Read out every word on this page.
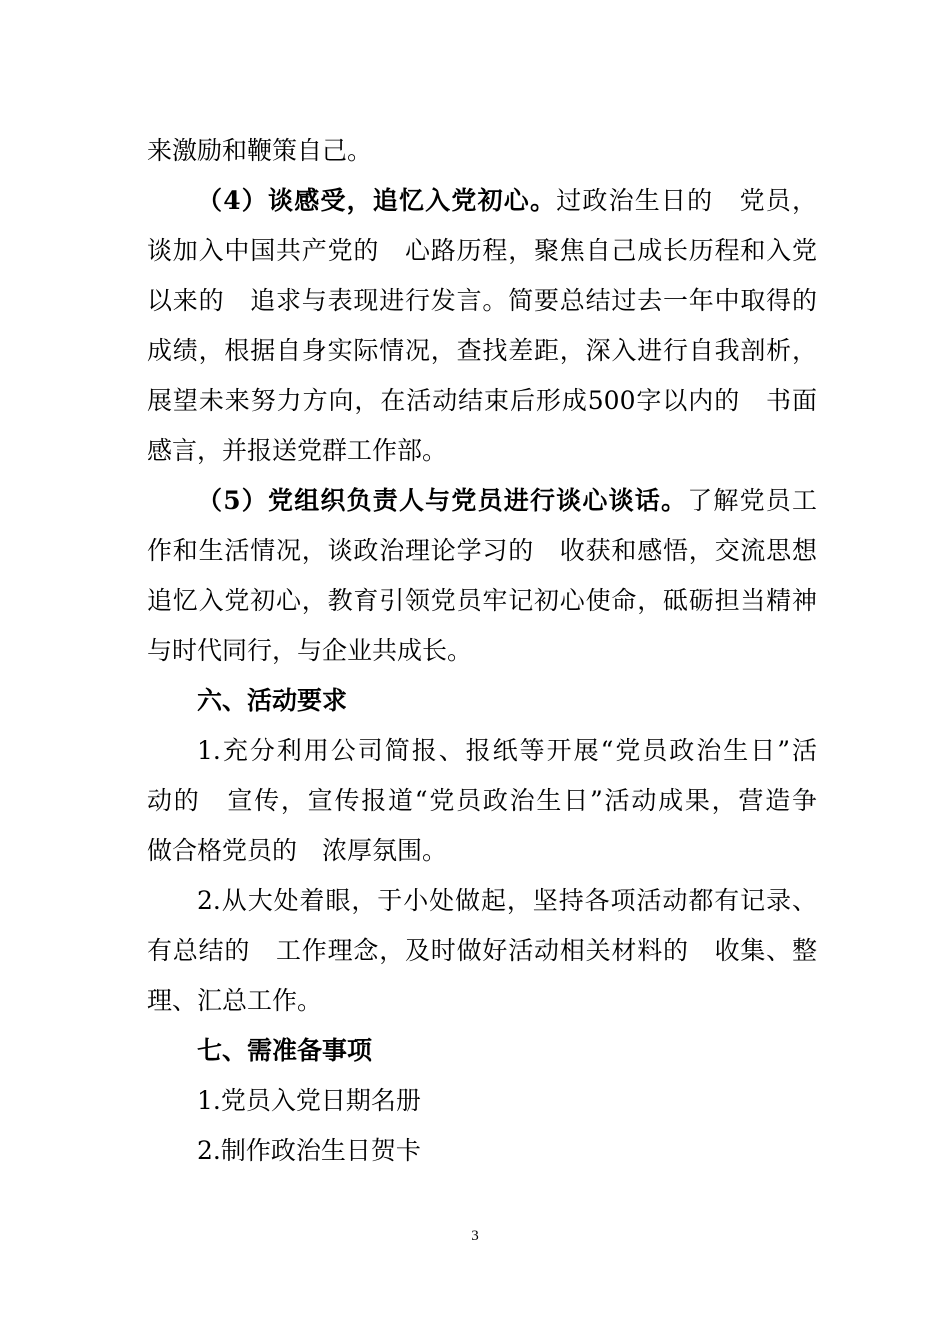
来激励和鞭策自己。
（4）谈感受，追忆入党初心。过政治生日的　党员，
谈加入中国共产党的　心路历程，聚焦自己成长历程和入党
以来的　追求与表现进行发言。简要总结过去一年中取得的
成绩，根据自身实际情况，查找差距，深入进行自我剖析，
展望未来努力方向，在活动结束后形成500字以内的　书面
感言，并报送党群工作部。
（5）党组织负责人与党员进行谈心谈话。了解党员工
作和生活情况，谈政治理论学习的　收获和感悟，交流思想
追忆入党初心，教育引领党员牢记初心使命，砥砺担当精神
与时代同行，与企业共成长。
六、活动要求
1.充分利用公司简报、报纸等开展“党员政治生日”活
动的　宣传，宣传报道“党员政治生日”活动成果，营造争
做合格党员的　浓厚氛围。
2.从大处着眼，于小处做起，坚持各项活动都有记录、
有总结的　工作理念，及时做好活动相关材料的　收集、整
理、汇总工作。
七、需准备事项
1.党员入党日期名册
2.制作政治生日贺卡
3
